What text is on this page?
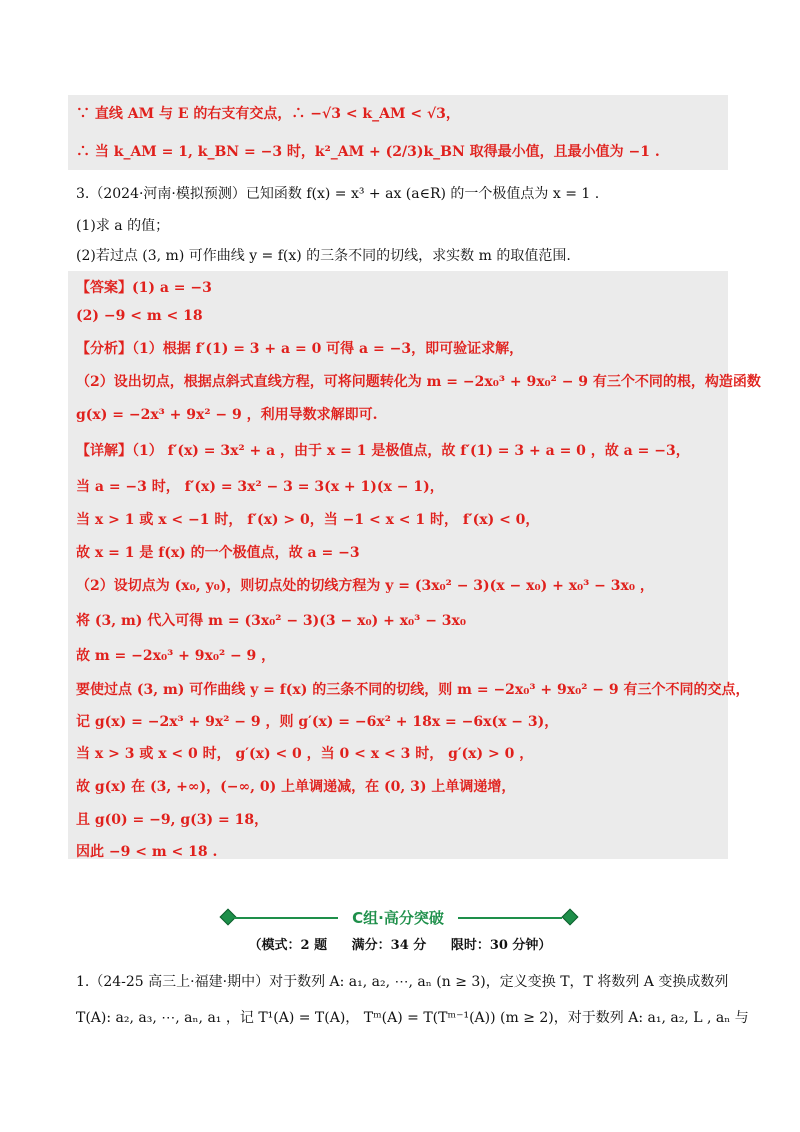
∵ 直线 AM 与 E 的右支有交点，∴ −√3 < k_AM < √3，
∴ 当 k_AM = 1, k_BN = −3 时，k²_AM + (2/3)k_BN 取得最小值，且最小值为 −1 .
3.（2024·河南·模拟预测）已知函数 f(x) = x³ + ax (a∈R) 的一个极值点为 x = 1 .
(1)求 a 的值；
(2)若过点 (3, m) 可作曲线 y = f(x) 的三条不同的切线，求实数 m 的取值范围.
【答案】(1) a = −3
(2) −9 < m < 18
【分析】（1）根据 f′(1) = 3 + a = 0 可得 a = −3，即可验证求解，
（2）设出切点，根据点斜式直线方程，可将问题转化为 m = −2x₀³ + 9x₀² − 9 有三个不同的根，构造函数
g(x) = −2x³ + 9x² − 9 ，利用导数求解即可.
【详解】（1） f′(x) = 3x² + a ，由于 x = 1 是极值点，故 f′(1) = 3 + a = 0 ，故 a = −3，
当 a = −3 时， f′(x) = 3x² − 3 = 3(x + 1)(x − 1)，
当 x > 1 或 x < −1 时， f′(x) > 0，当 −1 < x < 1 时， f′(x) < 0，
故 x = 1 是 f(x) 的一个极值点，故 a = −3
（2）设切点为 (x₀, y₀)，则切点处的切线方程为 y = (3x₀² − 3)(x − x₀) + x₀³ − 3x₀ ，
将 (3, m) 代入可得 m = (3x₀² − 3)(3 − x₀) + x₀³ − 3x₀
故 m = −2x₀³ + 9x₀² − 9 ，
要使过点 (3, m) 可作曲线 y = f(x) 的三条不同的切线，则 m = −2x₀³ + 9x₀² − 9 有三个不同的交点，
记 g(x) = −2x³ + 9x² − 9 ，则 g′(x) = −6x² + 18x = −6x(x − 3)，
当 x > 3 或 x < 0 时， g′(x) < 0 ，当 0 < x < 3 时， g′(x) > 0 ，
故 g(x) 在 (3, +∞)，(−∞, 0) 上单调递减，在 (0, 3) 上单调递增，
且 g(0) = −9, g(3) = 18，
因此 −9 < m < 18 .
C组·高分突破
（模式：2 题 满分：34 分 限时：30 分钟）
1.（24-25 高三上·福建·期中）对于数列 A: a₁, a₂, ⋯, aₙ (n ≥ 3)，定义变换 T，T 将数列 A 变换成数列
T(A): a₂, a₃, ⋯, aₙ, a₁ ，记 T¹(A) = T(A)， Tᵐ(A) = T(Tᵐ⁻¹(A)) (m ≥ 2)，对于数列 A: a₁, a₂, L , aₙ 与
